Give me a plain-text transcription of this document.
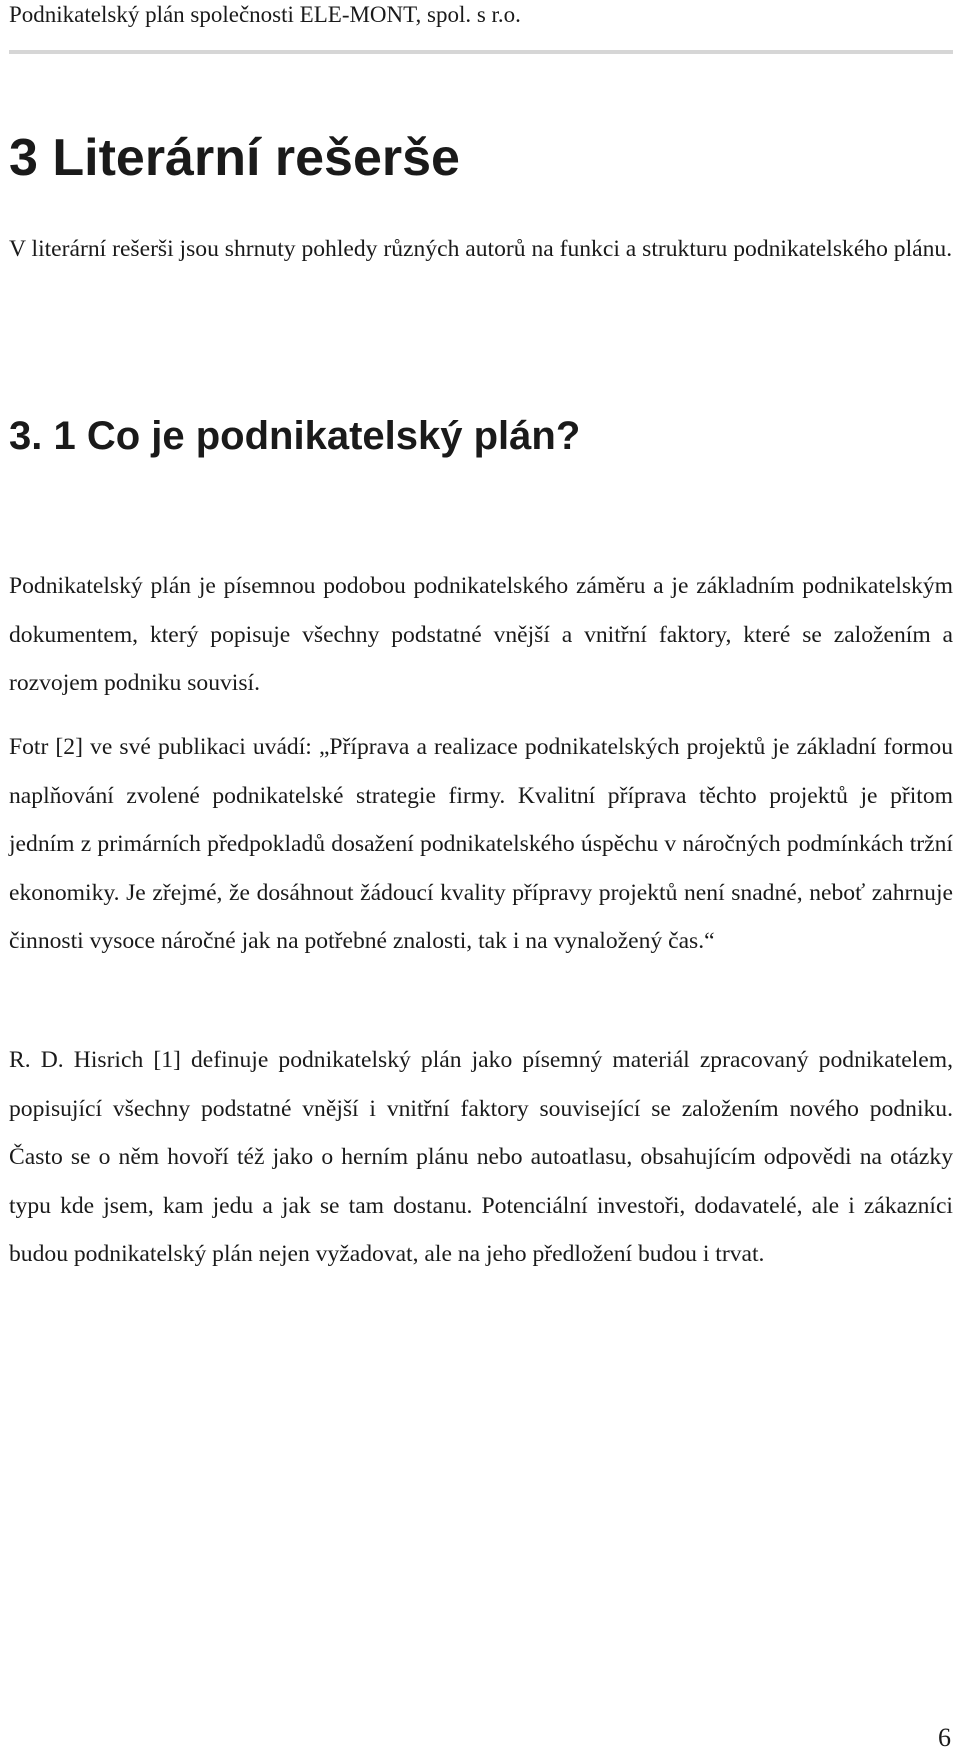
Podnikatelský plán společnosti ELE-MONT, spol. s r.o.
3 Literární rešerše

V literární rešerši jsou shrnuty pohledy různých autorů na funkci a strukturu podnikatelského plánu.

3. 1 Co je podnikatelský plán?

Podnikatelský plán je písemnou podobou podnikatelského záměru a je základním podnikatelským dokumentem, který popisuje všechny podstatné vnější a vnitřní faktory, které se založením a rozvojem podniku souvisí.

Fotr [2] ve své publikaci uvádí: „Příprava a realizace podnikatelských projektů je základní formou naplňování zvolené podnikatelské strategie firmy. Kvalitní příprava těchto projektů je přitom jedním z primárních předpokladů dosažení podnikatelského úspěchu v náročných podmínkách tržní ekonomiky. Je zřejmé, že dosáhnout žádoucí kvality přípravy projektů není snadné, neboť zahrnuje činnosti vysoce náročné jak na potřebné znalosti, tak i na vynaložený čas.“

R. D. Hisrich [1] definuje podnikatelský plán jako písemný materiál zpracovaný podnikatelem, popisující všechny podstatné vnější i vnitřní faktory související se založením nového podniku. Často se o něm hovoří též jako o herním plánu nebo autoatlasu, obsahujícím odpovědi na otázky typu kde jsem, kam jedu a jak se tam dostanu. Potenciální investoři, dodavatelé, ale i zákazníci budou podnikatelský plán nejen vyžadovat, ale na jeho předložení budou i trvat.

6
